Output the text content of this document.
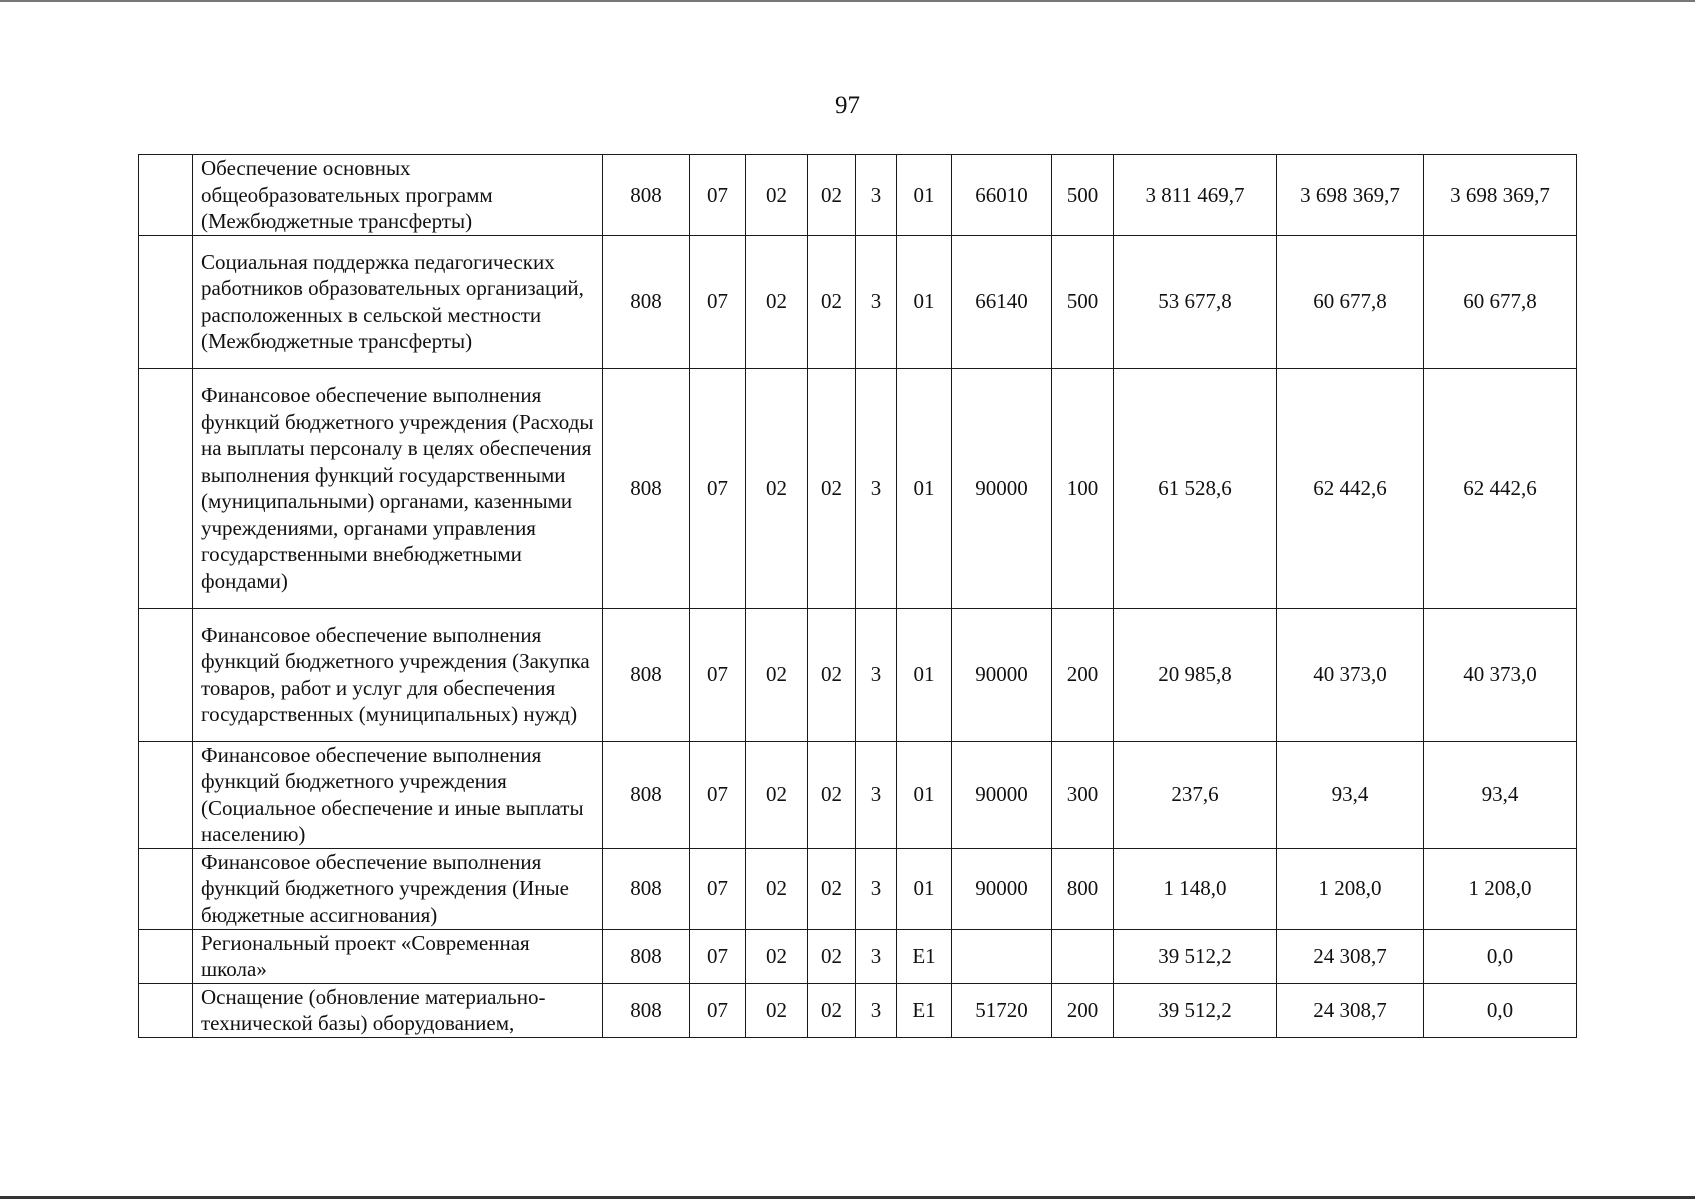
97
	Обеспечение основных общеобразовательных программ (Межбюджетные трансферты)	808	07	02	02	3	01	66010	500	3 811 469,7	3 698 369,7	3 698 369,7
	Социальная поддержка педагогических работников образовательных организаций, расположенных в сельской местности (Межбюджетные трансферты)	808	07	02	02	3	01	66140	500	53 677,8	60 677,8	60 677,8
	Финансовое обеспечение выполнения функций бюджетного учреждения (Расходы на выплаты персоналу в целях обеспечения выполнения функций государственными (муниципальными) органами, казенными учреждениями, органами управления государственными внебюджетными фондами)	808	07	02	02	3	01	90000	100	61 528,6	62 442,6	62 442,6
	Финансовое обеспечение выполнения функций бюджетного учреждения (Закупка товаров, работ и услуг для обеспечения государственных (муниципальных) нужд)	808	07	02	02	3	01	90000	200	20 985,8	40 373,0	40 373,0
	Финансовое обеспечение выполнения функций бюджетного учреждения (Социальное обеспечение и иные выплаты населению)	808	07	02	02	3	01	90000	300	237,6	93,4	93,4
	Финансовое обеспечение выполнения функций бюджетного учреждения (Иные бюджетные ассигнования)	808	07	02	02	3	01	90000	800	1 148,0	1 208,0	1 208,0
	Региональный проект «Современная школа»	808	07	02	02	3	E1			39 512,2	24 308,7	0,0
	Оснащение (обновление материально-технической базы) оборудованием,	808	07	02	02	3	E1	51720	200	39 512,2	24 308,7	0,0
